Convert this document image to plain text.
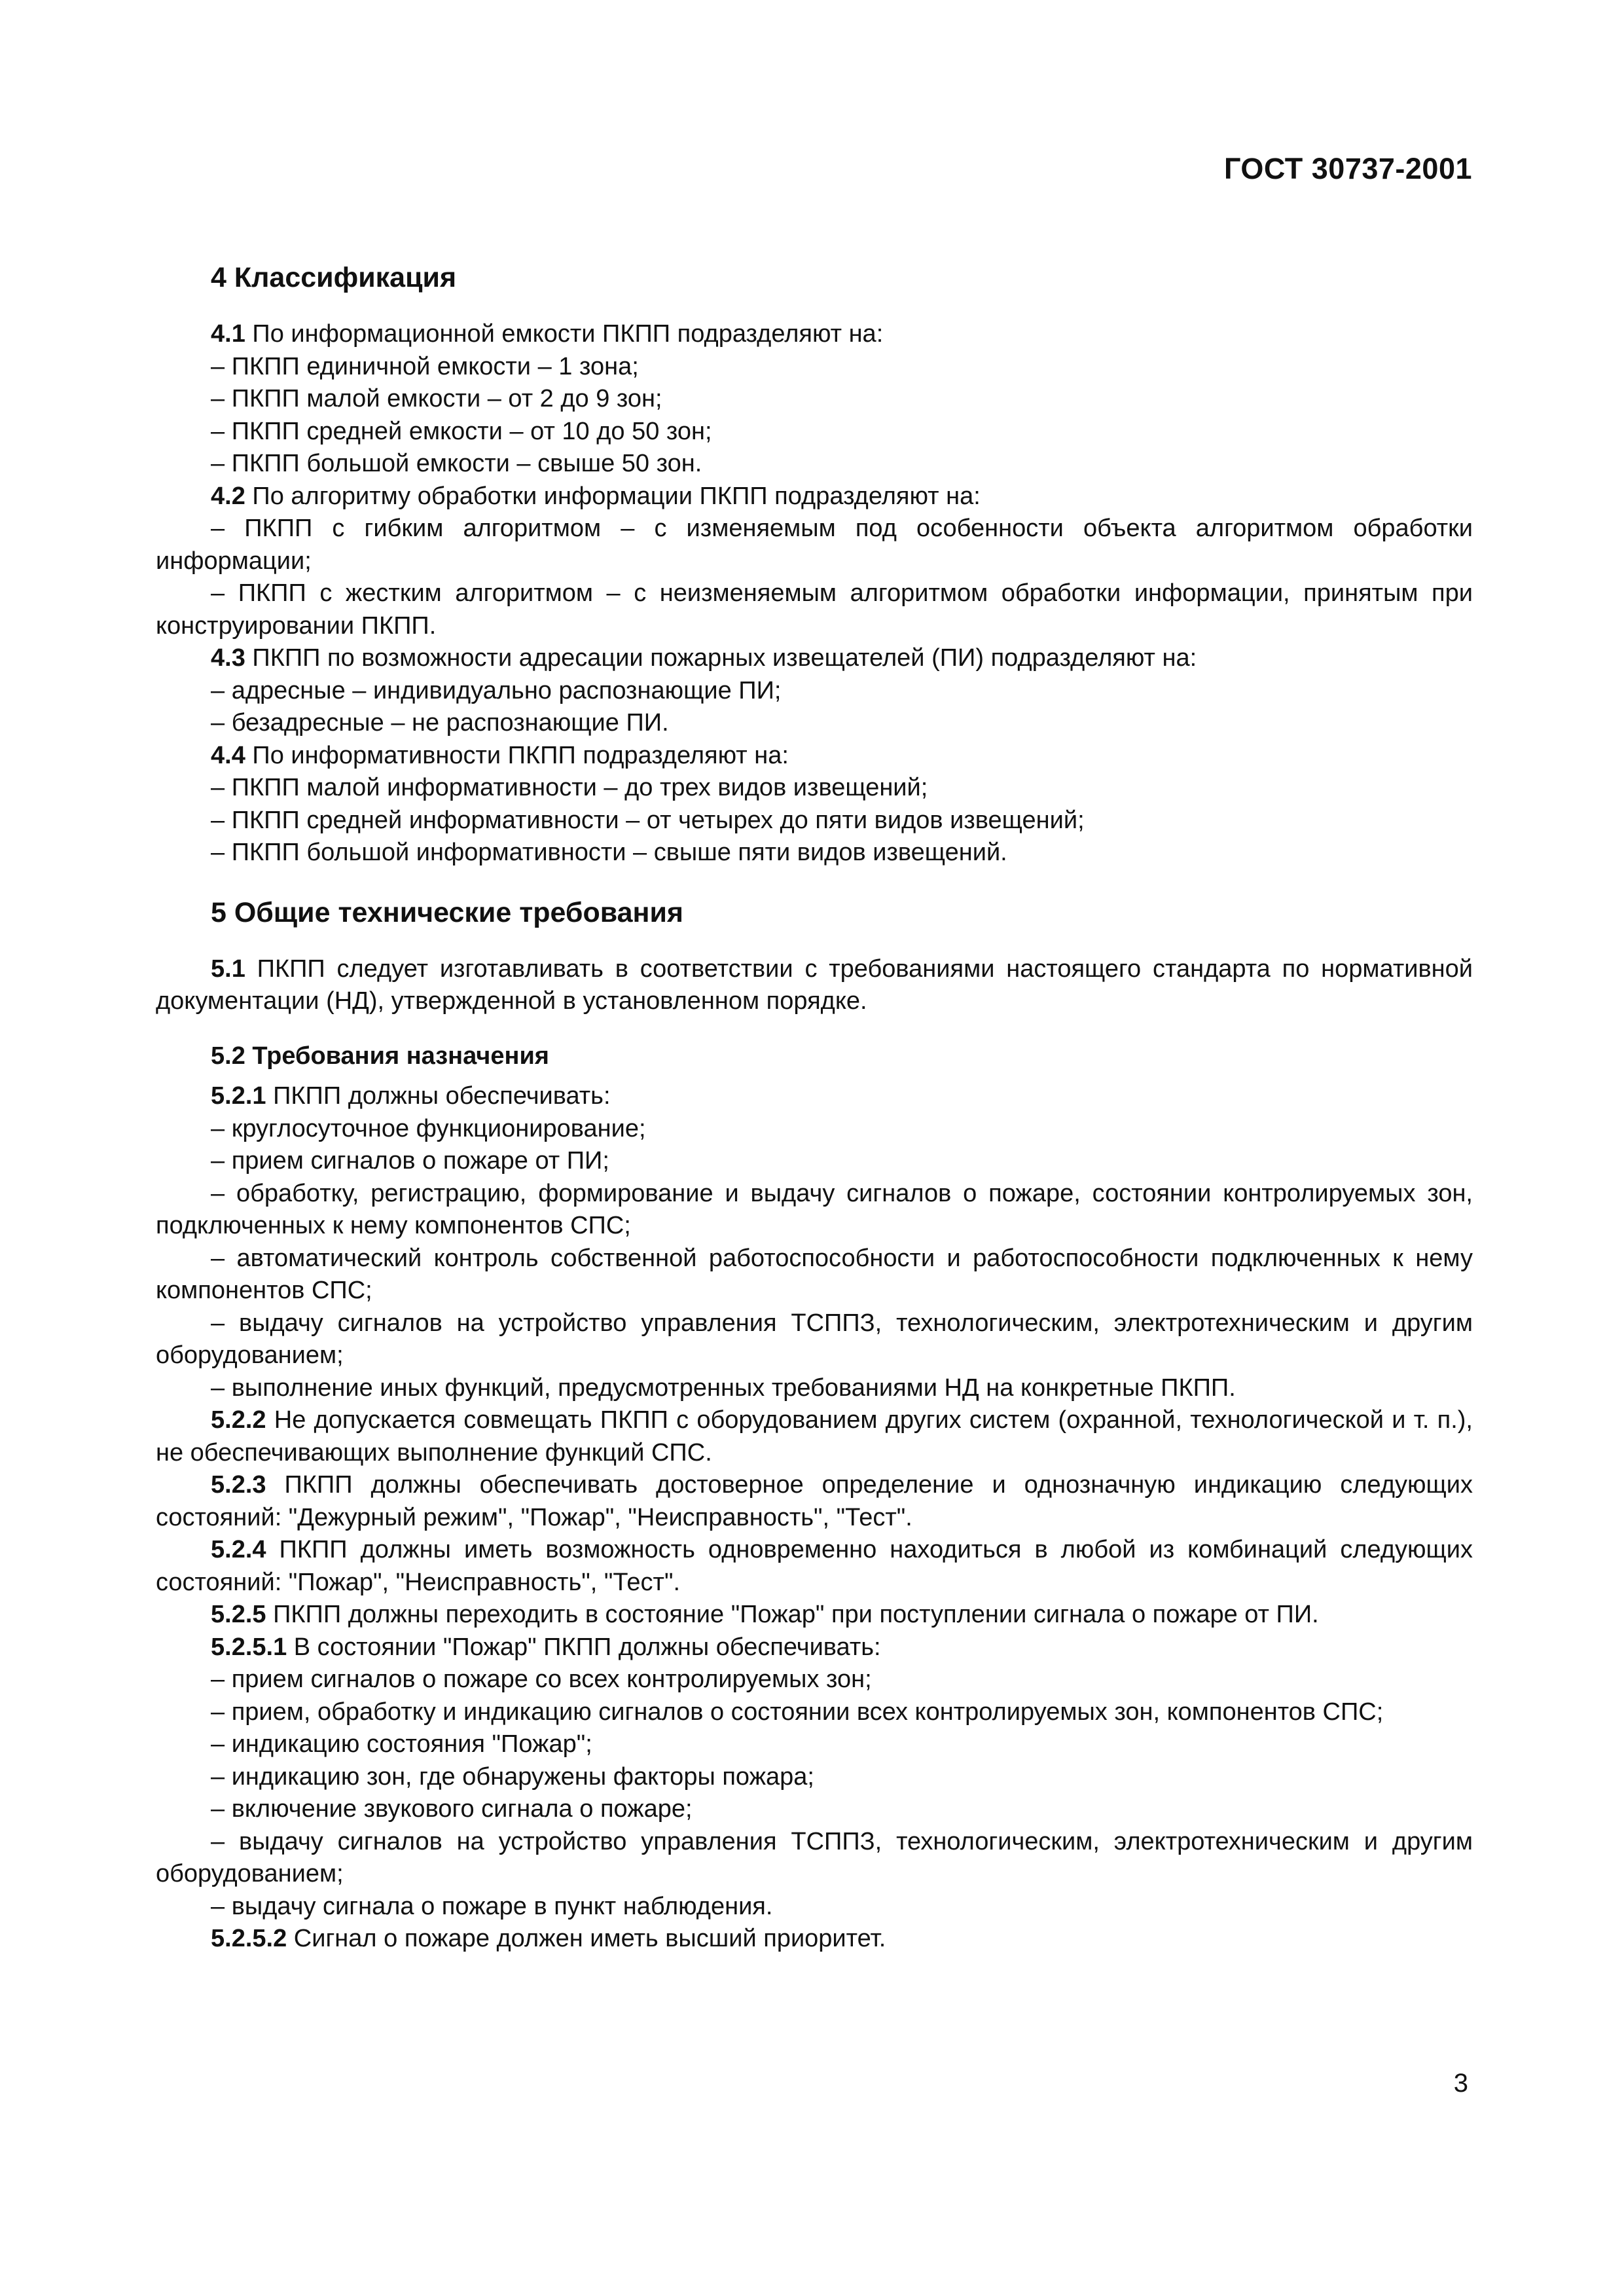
ГОСТ 30737-2001

4 Классификация

4.1 По информационной емкости ПКПП подразделяют на:

– ПКПП единичной емкости – 1 зона;

– ПКПП малой емкости – от 2 до 9 зон;

– ПКПП средней емкости – от 10 до 50 зон;

– ПКПП большой емкости – свыше 50 зон.

4.2 По алгоритму обработки информации ПКПП подразделяют на:

– ПКПП с гибким алгоритмом – с изменяемым под особенности объекта алгоритмом обработки информации;

– ПКПП с жестким алгоритмом – с неизменяемым алгоритмом обработки информации, принятым при конструировании ПКПП.

4.3 ПКПП по возможности адресации пожарных извещателей (ПИ) подразделяют на:

– адресные – индивидуально распознающие ПИ;

– безадресные – не распознающие ПИ.

4.4 По информативности ПКПП подразделяют на:

– ПКПП малой информативности – до трех видов извещений;

– ПКПП средней информативности – от четырех до пяти видов извещений;

– ПКПП большой информативности – свыше пяти видов извещений.

5 Общие технические требования

5.1 ПКПП следует изготавливать в соответствии с требованиями настоящего стандарта по нормативной документации (НД), утвержденной в установленном порядке.

5.2 Требования назначения

5.2.1 ПКПП должны обеспечивать:

– круглосуточное функционирование;

– прием сигналов о пожаре от ПИ;

– обработку, регистрацию, формирование и выдачу сигналов о пожаре, состоянии контролируемых зон, подключенных к нему компонентов СПС;

– автоматический контроль собственной работоспособности и работоспособности подключенных к нему компонентов СПС;

– выдачу сигналов на устройство управления ТСППЗ, технологическим, электротехническим и другим оборудованием;

– выполнение иных функций, предусмотренных требованиями НД на конкретные ПКПП.

5.2.2 Не допускается совмещать ПКПП с оборудованием других систем (охранной, технологической и т. п.), не обеспечивающих выполнение функций СПС.

5.2.3 ПКПП должны обеспечивать достоверное определение и однозначную индикацию следующих состояний: "Дежурный режим", "Пожар", "Неисправность", "Тест".

5.2.4 ПКПП должны иметь возможность одновременно находиться в любой из комбинаций следующих состояний: "Пожар", "Неисправность", "Тест".

5.2.5 ПКПП должны переходить в состояние "Пожар" при поступлении сигнала о пожаре от ПИ.

5.2.5.1 В состоянии "Пожар" ПКПП должны обеспечивать:

– прием сигналов о пожаре со всех контролируемых зон;

– прием, обработку и индикацию сигналов о состоянии всех контролируемых зон, компонентов СПС;

– индикацию состояния "Пожар";

– индикацию зон, где обнаружены факторы пожара;

– включение звукового сигнала о пожаре;

– выдачу сигналов на устройство управления ТСППЗ, технологическим, электротехническим и другим оборудованием;

– выдачу сигнала о пожаре в пункт наблюдения.

5.2.5.2 Сигнал о пожаре должен иметь высший приоритет.

3
